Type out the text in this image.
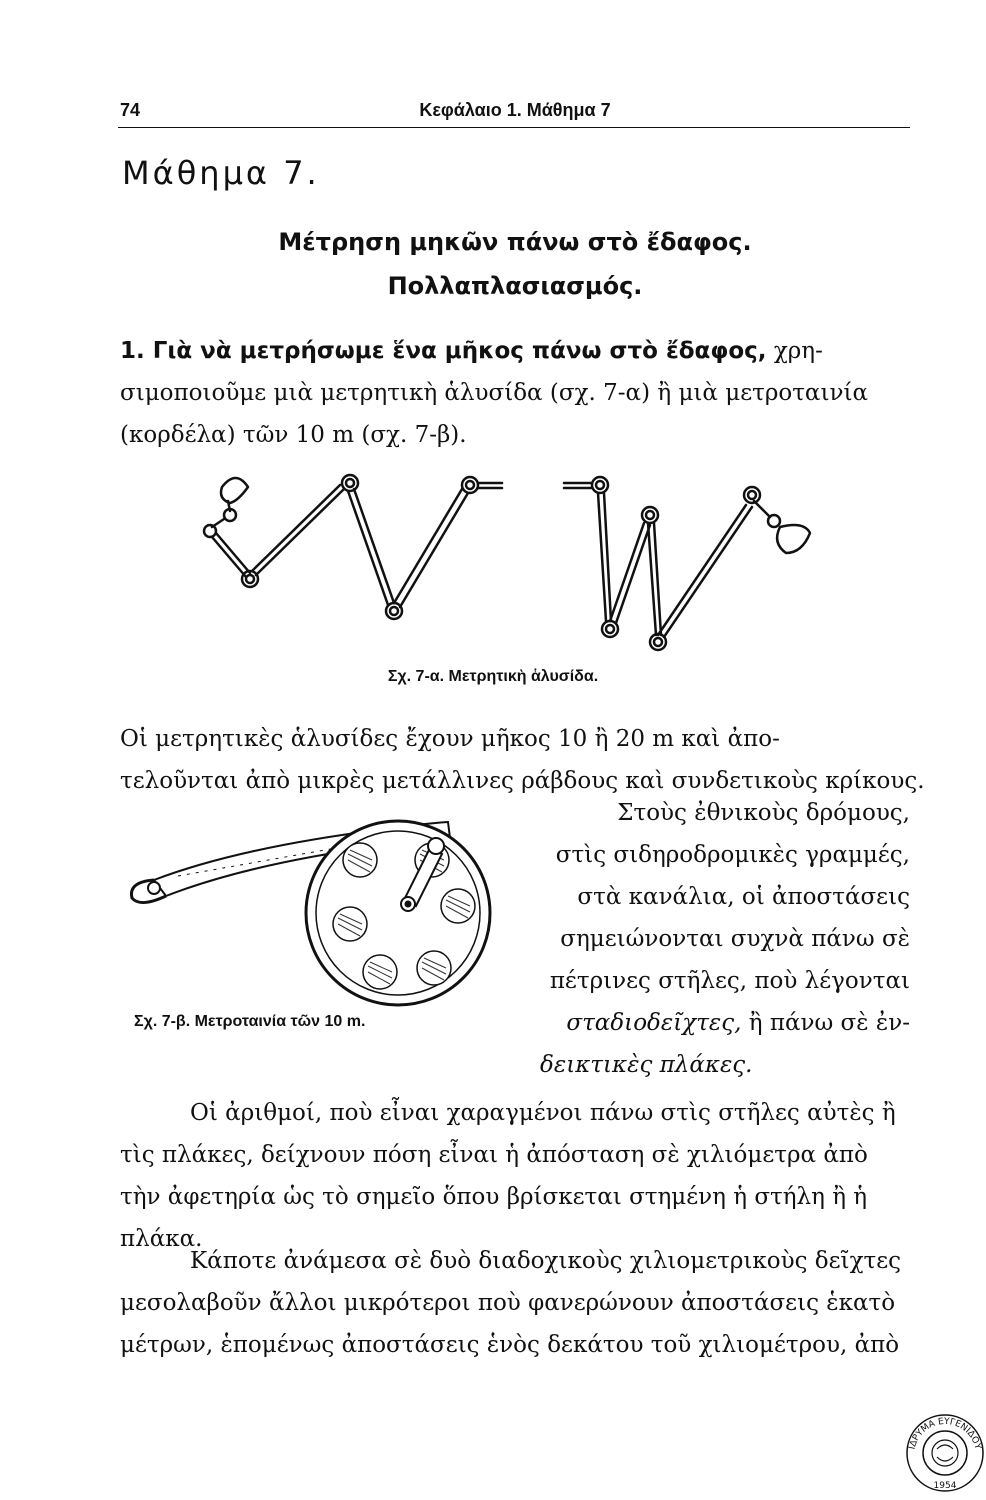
74	Κεφάλαιο 1. Μάθημα 7
Μάθημα 7.
Μέτρηση μηκῶν πάνω στὸ ἔδαφος.
Πολλαπλασιασμός.
1. Γιὰ νὰ μετρήσωμε ἕνα μῆκος πάνω στὸ ἔδαφος, χρη-
σιμοποιοῦμε μιὰ μετρητικὴ ἁλυσίδα (σχ. 7-α) ἢ μιὰ μετροταινία
(κορδέλα) τῶν 10 m (σχ. 7-β).
Σχ. 7-α. Μετρητικὴ ἁλυσίδα.
Οἱ μετρητικὲς ἁλυσίδες ἔχουν μῆκος 10 ἢ 20 m καὶ ἀπο-
τελοῦνται ἀπὸ μικρὲς μετάλλινες ράβδους καὶ συνδετικοὺς κρίκους.
Σχ. 7-β. Μετροταινία τῶν 10 m.
Στοὺς ἐθνικοὺς δρόμους,
στὶς σιδηροδρομικὲς γραμμές,
στὰ κανάλια, οἱ ἀποστάσεις
σημειώνονται συχνὰ πάνω σὲ
πέτρινες στῆλες, ποὺ λέγονται
σταδιοδεῖχτες, ἢ πάνω σὲ ἐν-
δεικτικὲς πλάκες.
Οἱ ἀριθμοί, ποὺ εἶναι χαραγμένοι πάνω στὶς στῆλες αὐτὲς ἢ
τὶς πλάκες, δείχνουν πόση εἶναι ἡ ἀπόσταση σὲ χιλιόμετρα ἀπὸ
τὴν ἀφετηρία ὡς τὸ σημεῖο ὅπου βρίσκεται στημένη ἡ στήλη ἢ ἡ
πλάκα.
Κάποτε ἀνάμεσα σὲ δυὸ διαδοχικοὺς χιλιομετρικοὺς δεῖχτες
μεσολαβοῦν ἄλλοι μικρότεροι ποὺ φανερώνουν ἀποστάσεις ἑκατὸ
μέτρων, ἑπομένως ἀποστάσεις ἑνὸς δεκάτου τοῦ χιλιομέτρου, ἀπὸ
ΙΔΡΥΜΑ ΕΥΓΕΝΙΔΟΥ
1954
